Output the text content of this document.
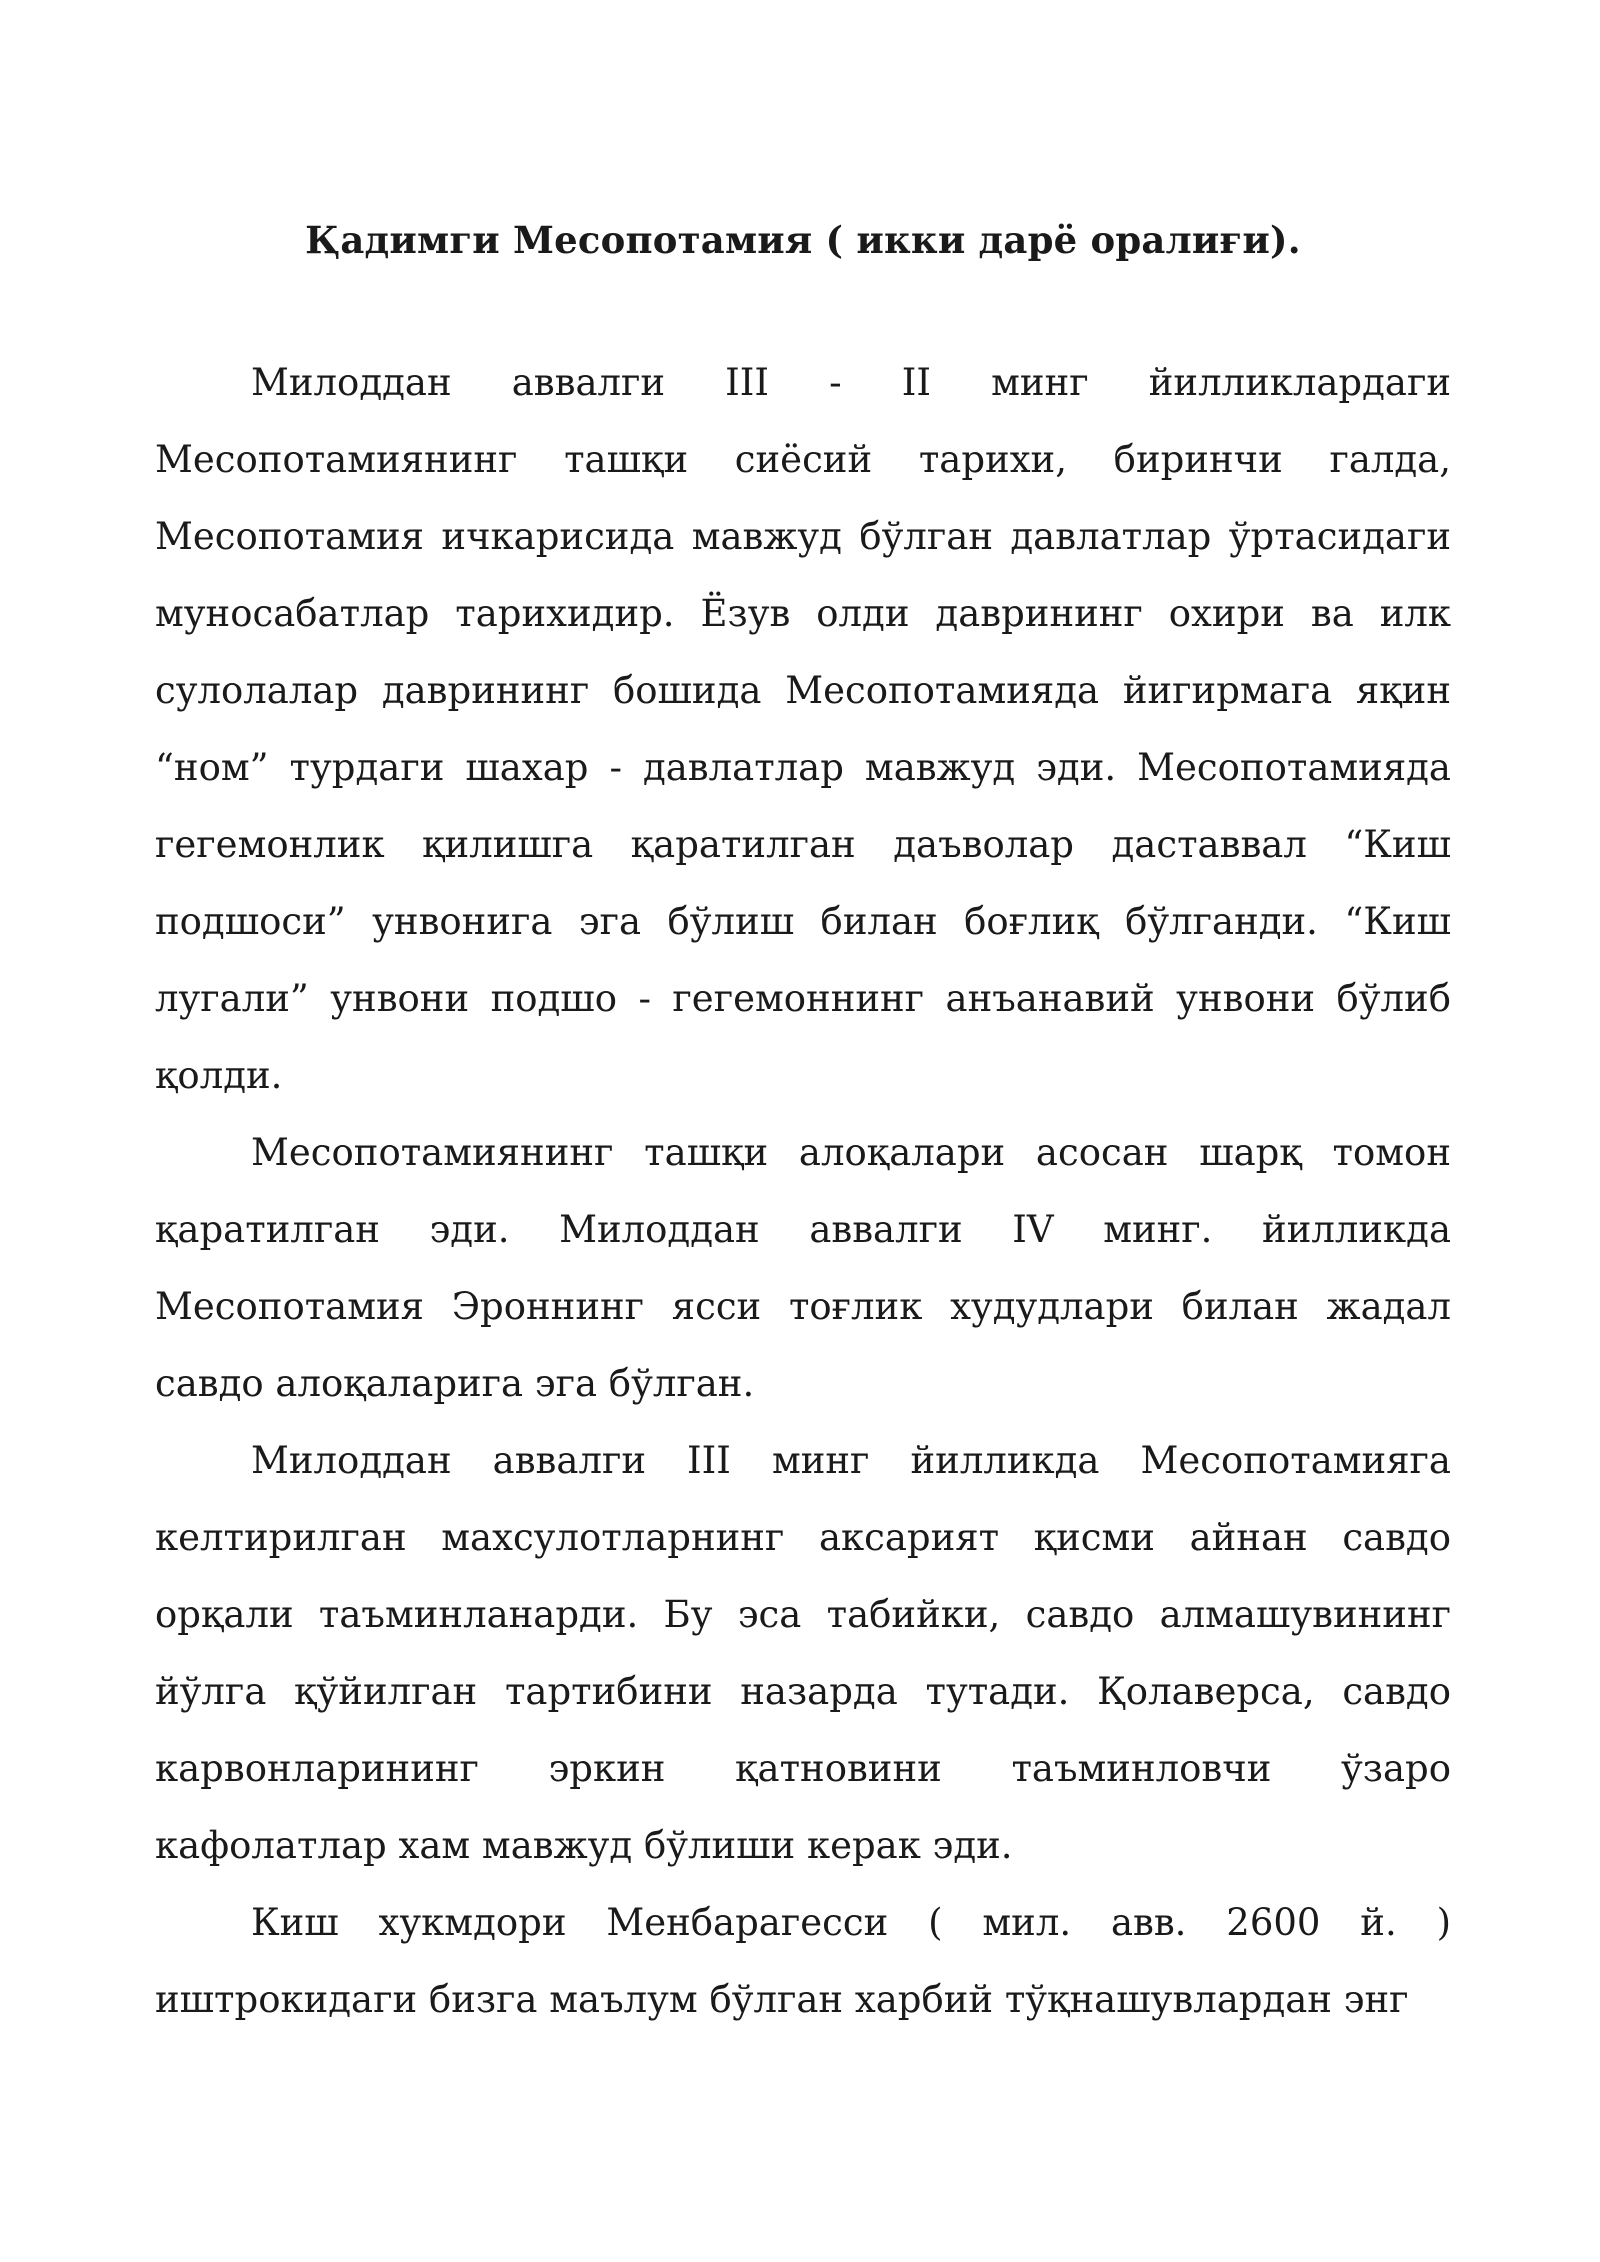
Қадимги Месопотамия ( икки дарё оралиғи).

Милоддан аввалги III - II минг йилликлардаги Месопотамиянинг ташқи сиёсий тарихи, биринчи галда, Месопотамия ичкарисида мавжуд бўлган давлатлар ўртасидаги муносабатлар тарихидир. Ёзув олди даврининг охири ва илк сулолалар даврининг бошида Месопотамияда йигирмага яқин “ном” турдаги шахар - давлатлар мавжуд эди. Месопотамияда гегемонлик қилишга қаратилган даъволар даставвал “Киш подшоси” унвонига эга бўлиш билан боғлиқ бўлганди. “Киш лугали” унвони подшо - гегемоннинг анъанавий унвони бўлиб қолди.

Месопотамиянинг ташқи алоқалари асосан шарқ томон қаратилган эди. Милоддан аввалги IV минг. йилликда Месопотамия Эроннинг ясси тоғлик худудлари билан жадал савдо алоқаларига эга бўлган.

Милоддан аввалги III минг йилликда Месопотамияга келтирилган махсулотларнинг аксарият қисми айнан савдо орқали таъминланарди. Бу эса табийки, савдо алмашувининг йўлга қўйилган тартибини назарда тутади. Қолаверса, савдо карвонларининг эркин қатновини таъминловчи ўзаро кафолатлар хам мавжуд бўлиши керак эди.

Киш хукмдори Менбарагесси ( мил. авв. 2600 й. ) иштрокидаги бизга маълум бўлган харбий тўқнашувлардан энг
